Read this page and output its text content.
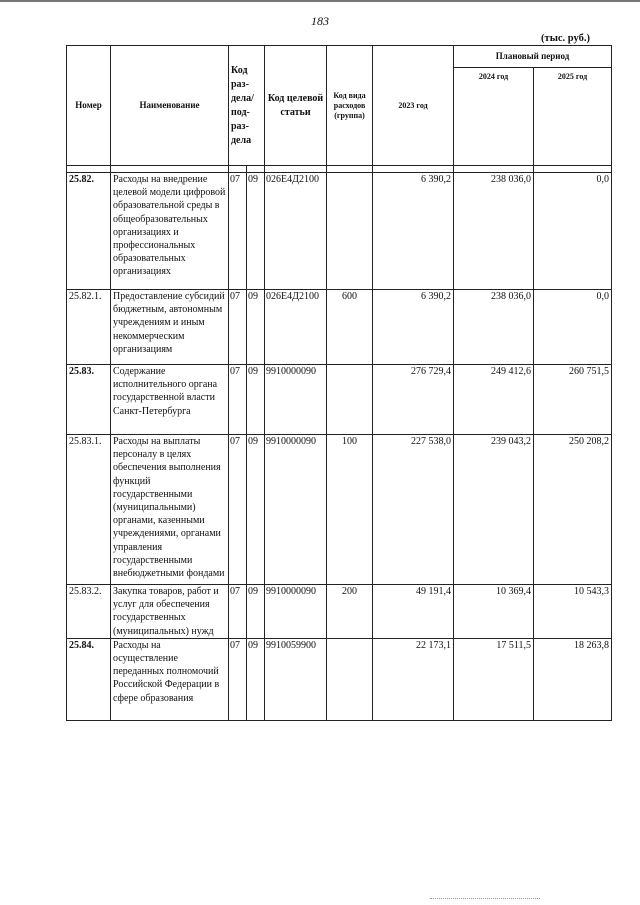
183
(тыс. руб.)
Номер	Наименование	Код раз-дела/ под-раз-дела		Код целевой статьи	Код вида расходов (группа)	2023 год	Плановый период	
							2024 год	2025 год

25.82.	Расходы на внедрение целевой модели цифровой образовательной среды в общеобразовательных организациях и профессиональных образовательных организациях	07	09	026Е4Д2100		6 390,2	238 036,0	0,0
25.82.1.	Предоставление субсидий бюджетным, автономным учреждениям и иным некоммерческим организациям	07	09	026Е4Д2100	600	6 390,2	238 036,0	0,0
25.83.	Содержание исполнительного органа государственной власти Санкт-Петербурга	07	09	9910000090		276 729,4	249 412,6	260 751,5
25.83.1.	Расходы на выплаты персоналу в целях обеспечения выполнения функций государственными (муниципальными) органами, казенными учреждениями, органами управления государственными внебюджетными фондами	07	09	9910000090	100	227 538,0	239 043,2	250 208,2
25.83.2.	Закупка товаров, работ и услуг для обеспечения государственных (муниципальных) нужд	07	09	9910000090	200	49 191,4	10 369,4	10 543,3
25.84.	Расходы на осуществление переданных полномочий Российской Федерации в сфере образования	07	09	9910059900		22 173,1	17 511,5	18 263,8
